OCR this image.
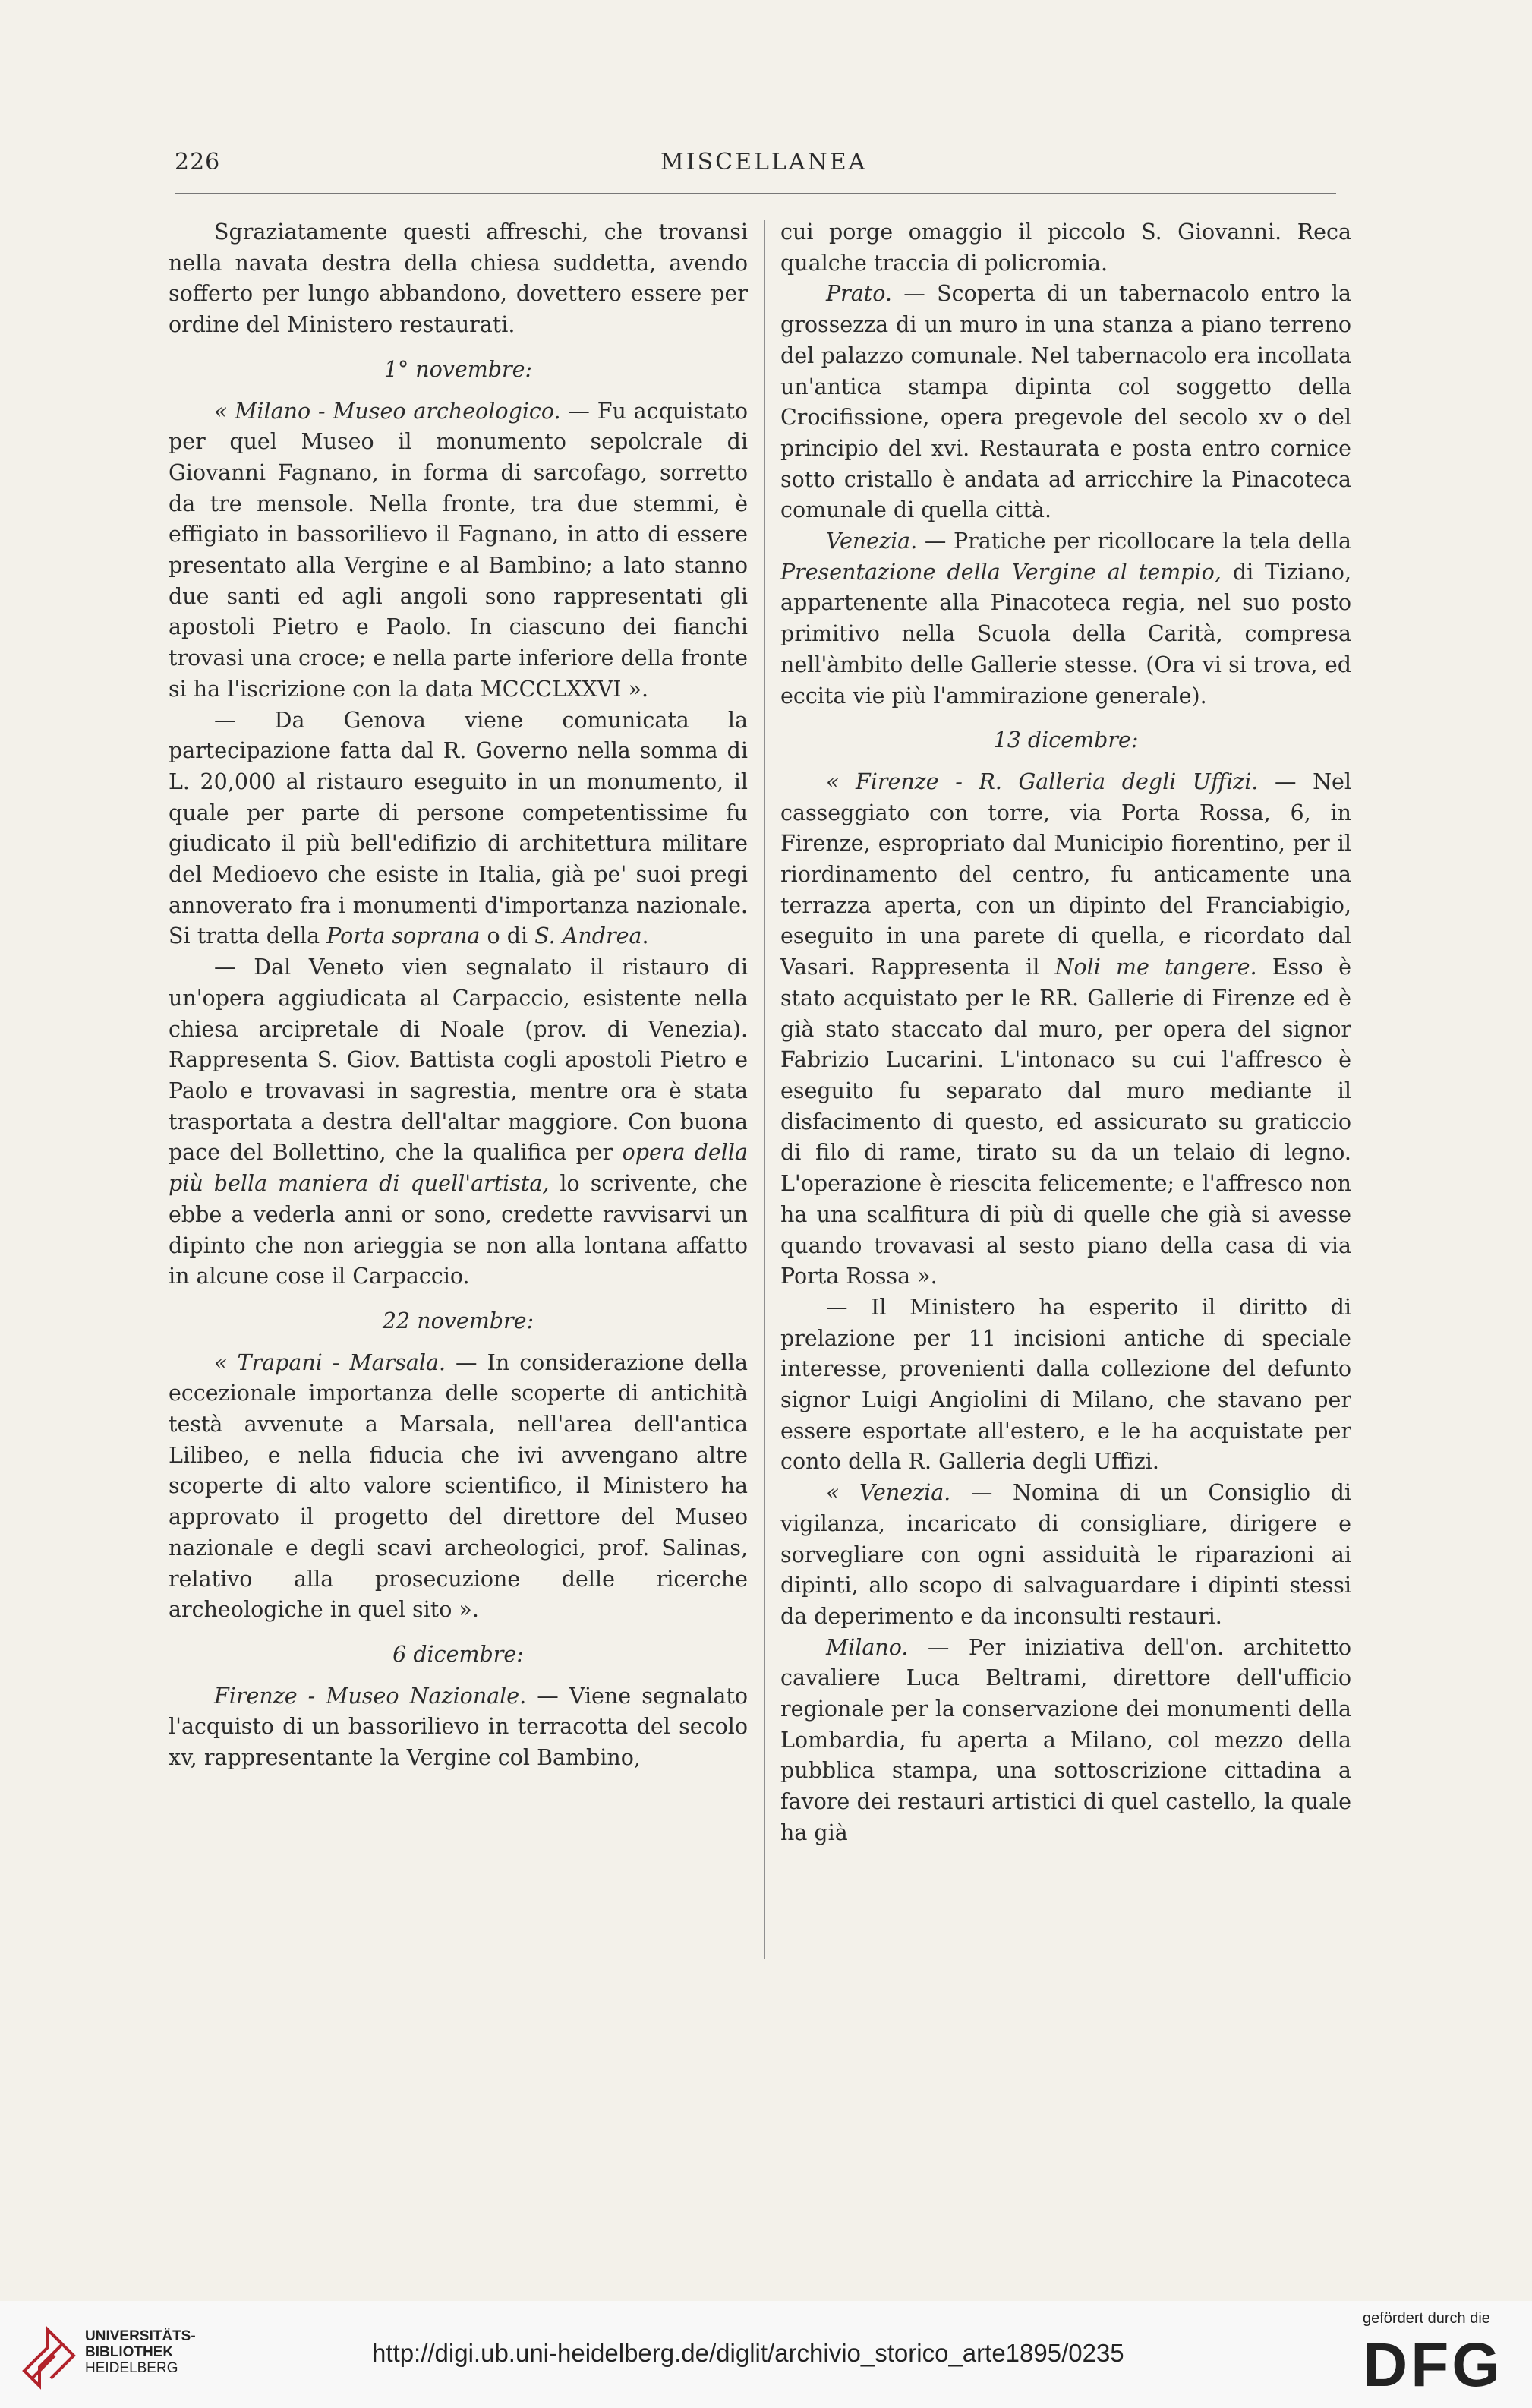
226	MISCELLANEA

Sgraziatamente questi affreschi, che trovansi nella navata destra della chiesa suddetta, avendo sofferto per lungo abbandono, dovettero essere per ordine del Ministero restaurati.

1° novembre:

« Milano - Museo archeologico. — Fu acquistato per quel Museo il monumento sepolcrale di Giovanni Fagnano, in forma di sarcofago, sorretto da tre mensole. Nella fronte, tra due stemmi, è effigiato in bassorilievo il Fagnano, in atto di essere presentato alla Vergine e al Bambino; a lato stanno due santi ed agli angoli sono rappresentati gli apostoli Pietro e Paolo. In ciascuno dei fianchi trovasi una croce; e nella parte inferiore della fronte si ha l'iscrizione con la data MCCCLXXVI ».

— Da Genova viene comunicata la partecipazione fatta dal R. Governo nella somma di L. 20,000 al ristauro eseguito in un monumento, il quale per parte di persone competentissime fu giudicato il più bell'edifizio di architettura militare del Medioevo che esiste in Italia, già pe' suoi pregi annoverato fra i monumenti d'importanza nazionale. Si tratta della Porta soprana o di S. Andrea.

— Dal Veneto vien segnalato il ristauro di un'opera aggiudicata al Carpaccio, esistente nella chiesa arcipretale di Noale (prov. di Venezia). Rappresenta S. Giov. Battista cogli apostoli Pietro e Paolo e trovavasi in sagrestia, mentre ora è stata trasportata a destra dell'altar maggiore. Con buona pace del Bollettino, che la qualifica per opera della più bella maniera di quell'artista, lo scrivente, che ebbe a vederla anni or sono, credette ravvisarvi un dipinto che non arieggia se non alla lontana affatto in alcune cose il Carpaccio.

22 novembre:

« Trapani - Marsala. — In considerazione della eccezionale importanza delle scoperte di antichità testà avvenute a Marsala, nell'area dell'antica Lilibeo, e nella fiducia che ivi avvengano altre scoperte di alto valore scientifico, il Ministero ha approvato il progetto del direttore del Museo nazionale e degli scavi archeologici, prof. Salinas, relativo alla prosecuzione delle ricerche archeologiche in quel sito ».

6 dicembre:

Firenze - Museo Nazionale. — Viene segnalato l'acquisto di un bassorilievo in terracotta del secolo xv, rappresentante la Vergine col Bambino,

cui porge omaggio il piccolo S. Giovanni. Reca qualche traccia di policromia.

Prato. — Scoperta di un tabernacolo entro la grossezza di un muro in una stanza a piano terreno del palazzo comunale. Nel tabernacolo era incollata un'antica stampa dipinta col soggetto della Crocifissione, opera pregevole del secolo xv o del principio del xvi. Restaurata e posta entro cornice sotto cristallo è andata ad arricchire la Pinacoteca comunale di quella città.

Venezia. — Pratiche per ricollocare la tela della Presentazione della Vergine al tempio, di Tiziano, appartenente alla Pinacoteca regia, nel suo posto primitivo nella Scuola della Carità, compresa nell'àmbito delle Gallerie stesse. (Ora vi si trova, ed eccita vie più l'ammirazione generale).

13 dicembre:

« Firenze - R. Galleria degli Uffizi. — Nel casseggiato con torre, via Porta Rossa, 6, in Firenze, espropriato dal Municipio fiorentino, per il riordinamento del centro, fu anticamente una terrazza aperta, con un dipinto del Franciabigio, eseguito in una parete di quella, e ricordato dal Vasari. Rappresenta il Noli me tangere. Esso è stato acquistato per le RR. Gallerie di Firenze ed è già stato staccato dal muro, per opera del signor Fabrizio Lucarini. L'intonaco su cui l'affresco è eseguito fu separato dal muro mediante il disfacimento di questo, ed assicurato su graticcio di filo di rame, tirato su da un telaio di legno. L'operazione è riescita felicemente; e l'affresco non ha una scalfitura di più di quelle che già si avesse quando trovavasi al sesto piano della casa di via Porta Rossa ».

— Il Ministero ha esperito il diritto di prelazione per 11 incisioni antiche di speciale interesse, provenienti dalla collezione del defunto signor Luigi Angiolini di Milano, che stavano per essere esportate all'estero, e le ha acquistate per conto della R. Galleria degli Uffizi.

« Venezia. — Nomina di un Consiglio di vigilanza, incaricato di consigliare, dirigere e sorvegliare con ogni assiduità le riparazioni ai dipinti, allo scopo di salvaguardare i dipinti stessi da deperimento e da inconsulti restauri.

Milano. — Per iniziativa dell'on. architetto cavaliere Luca Beltrami, direttore dell'ufficio regionale per la conservazione dei monumenti della Lombardia, fu aperta a Milano, col mezzo della pubblica stampa, una sottoscrizione cittadina a favore dei restauri artistici di quel castello, la quale ha già

UNIVERSITÄTS-
BIBLIOTHEK
HEIDELBERG
http://digi.ub.uni-heidelberg.de/diglit/archivio_storico_arte1895/0235
gefördert durch die
DFG
